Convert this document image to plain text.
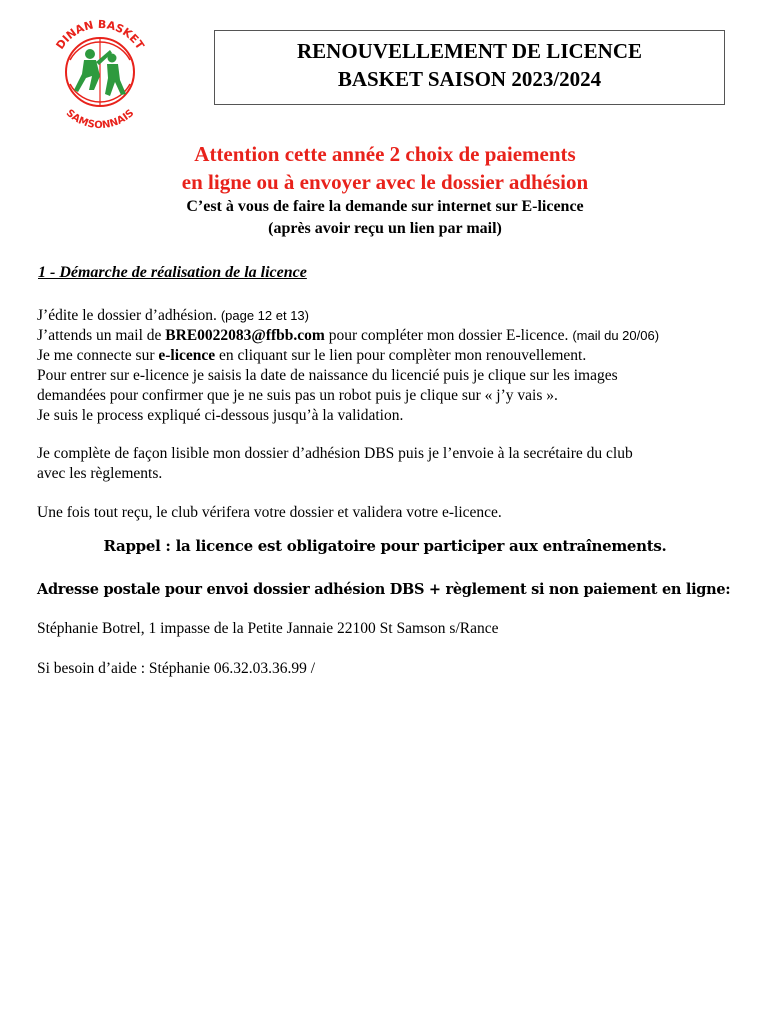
DINAN BASKET
SAMSONNAIS
RENOUVELLEMENT DE LICENCE
BASKET SAISON 2023/2024
Attention cette année 2 choix de paiements
en ligne ou à envoyer avec le dossier adhésion
C’est à vous de faire la demande sur internet sur E-licence
(après avoir reçu un lien par mail)
1 - Démarche de réalisation de la licence
J’édite le dossier d’adhésion. (page 12 et 13)
J’attends un mail de BRE0022083@ffbb.com pour compléter mon dossier E-licence. (mail du 20/06)
Je me connecte sur e-licence en cliquant sur le lien pour complèter mon renouvellement.
Pour entrer sur e-licence je saisis la date de naissance du licencié puis je clique sur les images
demandées pour confirmer que je ne suis pas un robot puis je clique sur « j’y vais ».
Je suis le process expliqué ci-dessous jusqu’à la validation.
Je complète de façon lisible mon dossier d’adhésion DBS puis je l’envoie à la secrétaire du club
avec les règlements.
Une fois tout reçu, le club vérifera votre dossier et validera votre e-licence.
Rappel : la licence est obligatoire pour participer aux entraînements.
Adresse postale pour envoi dossier adhésion DBS + règlement si non paiement en ligne:
Stéphanie Botrel, 1 impasse de la Petite Jannaie 22100 St Samson s/Rance
Si besoin d’aide : Stéphanie 06.32.03.36.99 /
